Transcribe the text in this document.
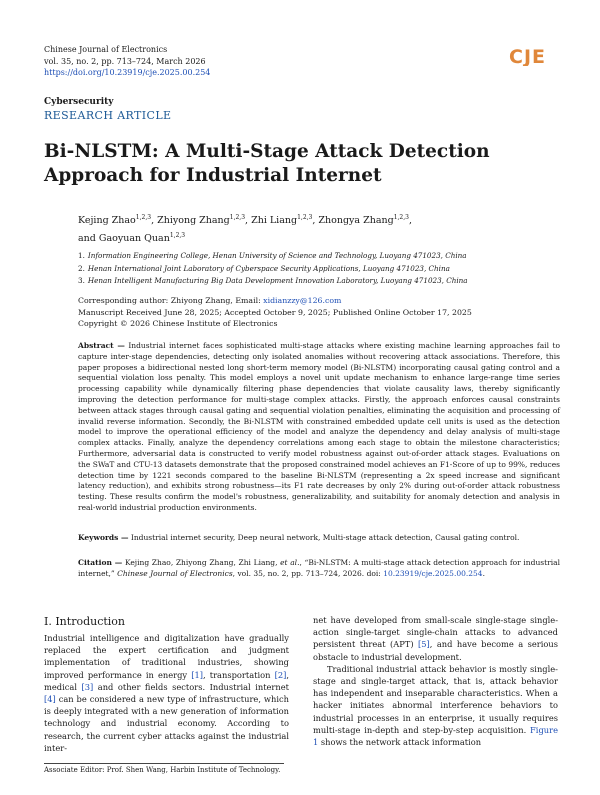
Chinese Journal of Electronics
vol. 35, no. 2, pp. 713–724, March 2026
https://doi.org/10.23919/cje.2025.00.254
CJE
Cybersecurity
RESEARCH ARTICLE
Bi-NLSTM: A Multi-Stage Attack Detection Approach for Industrial Internet
Kejing Zhao$^{1,2,3}$, Zhiyong Zhang$^{1,2,3}$, Zhi Liang$^{1,2,3}$, Zhongya Zhang$^{1,2,3}$,
and Gaoyuan Quan$^{1,2,3}$
1. Information Engineering College, Henan University of Science and Technology, Luoyang 471023, China
2. Henan International Joint Laboratory of Cyberspace Security Applications, Luoyang 471023, China
3. Henan Intelligent Manufacturing Big Data Development Innovation Laboratory, Luoyang 471023, China
Corresponding author: Zhiyong Zhang, Email: xidianzzy@126.com
Manuscript Received June 28, 2025; Accepted October 9, 2025; Published Online October 17, 2025
Copyright © 2026 Chinese Institute of Electronics
Abstract — Industrial internet faces sophisticated multi-stage attacks where existing machine learning approaches fail to capture inter-stage dependencies, detecting only isolated anomalies without recovering attack associations. Therefore, this paper proposes a bidirectional nested long short-term memory model (Bi-NLSTM) incorporating causal gating control and a sequential violation loss penalty. This model employs a novel unit update mechanism to enhance large-range time series processing capability while dynamically filtering phase dependencies that violate causality laws, thereby significantly improving the detection performance for multi-stage complex attacks. Firstly, the approach enforces causal constraints between attack stages through causal gating and sequential violation penalties, eliminating the acquisition and processing of invalid reverse information. Secondly, the Bi-NLSTM with constrained embedded update cell units is used as the detection model to improve the operational efficiency of the model and analyze the dependency and delay analysis of multi-stage complex attacks. Finally, analyze the dependency correlations among each stage to obtain the milestone characteristics; Furthermore, adversarial data is constructed to verify model robustness against out-of-order attack stages. Evaluations on the SWaT and CTU-13 datasets demonstrate that the proposed constrained model achieves an F1-Score of up to 99%, reduces detection time by 1221 seconds compared to the baseline Bi-NLSTM (representing a 2x speed increase and significant latency reduction), and exhibits strong robustness—its F1 rate decreases by only 2% during out-of-order attack robustness testing. These results confirm the model's robustness, generalizability, and suitability for anomaly detection and analysis in real-world industrial production environments.
Keywords — Industrial internet security, Deep neural network, Multi-stage attack detection, Causal gating control.
Citation — Kejing Zhao, Zhiyong Zhang, Zhi Liang, et al., “Bi-NLSTM: A multi-stage attack detection approach for industrial internet,” Chinese Journal of Electronics, vol. 35, no. 2, pp. 713–724, 2026. doi: 10.23919/cje.2025.00.254.
I. Introduction
Industrial intelligence and digitalization have gradually replaced the expert certification and judgment implementation of traditional industries, showing improved performance in energy [1], transportation [2], medical [3] and other fields sectors. Industrial internet [4] can be considered a new type of infrastructure, which is deeply integrated with a new generation of information technology and industrial economy. According to research, the current cyber attacks against the industrial inter-
net have developed from small-scale single-stage single-action single-target single-chain attacks to advanced persistent threat (APT) [5], and have become a serious obstacle to industrial development.
Traditional industrial attack behavior is mostly single-stage and single-target attack, that is, attack behavior has independent and inseparable characteristics. When a hacker initiates abnormal interference behaviors to industrial processes in an enterprise, it usually requires multi-stage in-depth and step-by-step acquisition. Figure 1 shows the network attack information
Associate Editor: Prof. Shen Wang, Harbin Institute of Technology.
